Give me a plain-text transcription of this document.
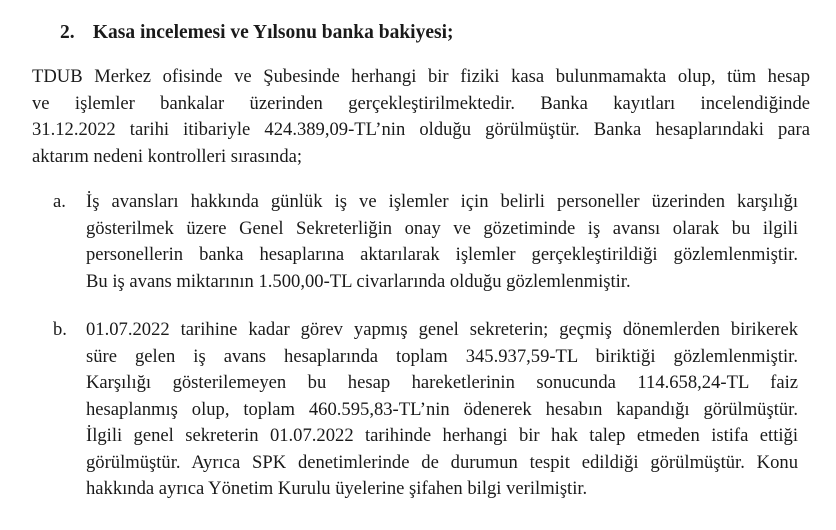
2. Kasa incelemesi ve Yılsonu banka bakiyesi;
TDUB Merkez ofisinde ve Şubesinde herhangi bir fiziki kasa bulunmamakta olup, tüm hesap
ve işlemler bankalar üzerinden gerçekleştirilmektedir. Banka kayıtları incelendiğinde
31.12.2022 tarihi itibariyle 424.389,09-TL’nin olduğu görülmüştür. Banka hesaplarındaki para
aktarım nedeni kontrolleri sırasında;
a.	İş avansları hakkında günlük iş ve işlemler için belirli personeller üzerinden karşılığı
gösterilmek üzere Genel Sekreterliğin onay ve gözetiminde iş avansı olarak bu ilgili
personellerin banka hesaplarına aktarılarak işlemler gerçekleştirildiği gözlemlenmiştir.
Bu iş avans miktarının 1.500,00-TL civarlarında olduğu gözlemlenmiştir.
b.	01.07.2022 tarihine kadar görev yapmış genel sekreterin; geçmiş dönemlerden birikerek
süre gelen iş avans hesaplarında toplam 345.937,59-TL biriktiği gözlemlenmiştir.
Karşılığı gösterilemeyen bu hesap hareketlerinin sonucunda 114.658,24-TL faiz
hesaplanmış olup, toplam 460.595,83-TL’nin ödenerek hesabın kapandığı görülmüştür.
İlgili genel sekreterin 01.07.2022 tarihinde herhangi bir hak talep etmeden istifa ettiği
görülmüştür. Ayrıca SPK denetimlerinde de durumun tespit edildiği görülmüştür. Konu
hakkında ayrıca Yönetim Kurulu üyelerine şifahen bilgi verilmiştir.
